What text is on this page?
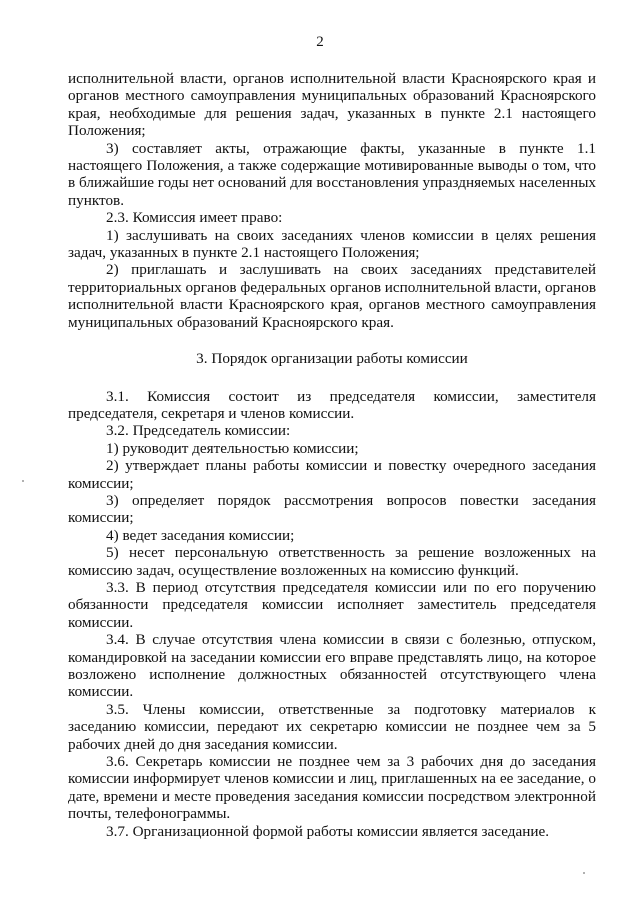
2

исполнительной власти, органов исполнительной власти Красноярского края и органов местного самоуправления муниципальных образований Красноярского края, необходимые для решения задач, указанных в пункте 2.1 настоящего Положения;

3) составляет акты, отражающие факты, указанные в пункте 1.1 настоящего Положения, а также содержащие мотивированные выводы о том, что в ближайшие годы нет оснований для восстановления упраздняемых населенных пунктов.

2.3. Комиссия имеет право:

1) заслушивать на своих заседаниях членов комиссии в целях решения задач, указанных в пункте 2.1 настоящего Положения;

2) приглашать и заслушивать на своих заседаниях представителей территориальных органов федеральных органов исполнительной власти, органов исполнительной власти Красноярского края, органов местного самоуправления муниципальных образований Красноярского края.

3. Порядок организации работы комиссии

3.1. Комиссия состоит из председателя комиссии, заместителя председателя, секретаря и членов комиссии.

3.2. Председатель комиссии:

1) руководит деятельностью комиссии;

2) утверждает планы работы комиссии и повестку очередного заседания комиссии;

3) определяет порядок рассмотрения вопросов повестки заседания комиссии;

4) ведет заседания комиссии;

5) несет персональную ответственность за решение возложенных на комиссию задач, осуществление возложенных на комиссию функций.

3.3. В период отсутствия председателя комиссии или по его поручению обязанности председателя комиссии исполняет заместитель председателя комиссии.

3.4. В случае отсутствия члена комиссии в связи с болезнью, отпуском, командировкой на заседании комиссии его вправе представлять лицо, на которое возложено исполнение должностных обязанностей отсутствующего члена комиссии.

3.5. Члены комиссии, ответственные за подготовку материалов к заседанию комиссии, передают их секретарю комиссии не позднее чем за 5 рабочих дней до дня заседания комиссии.

3.6. Секретарь комиссии не позднее чем за 3 рабочих дня до заседания комиссии информирует членов комиссии и лиц, приглашенных на ее заседание, о дате, времени и месте проведения заседания комиссии посредством электронной почты, телефонограммы.

3.7. Организационной формой работы комиссии является заседание.
